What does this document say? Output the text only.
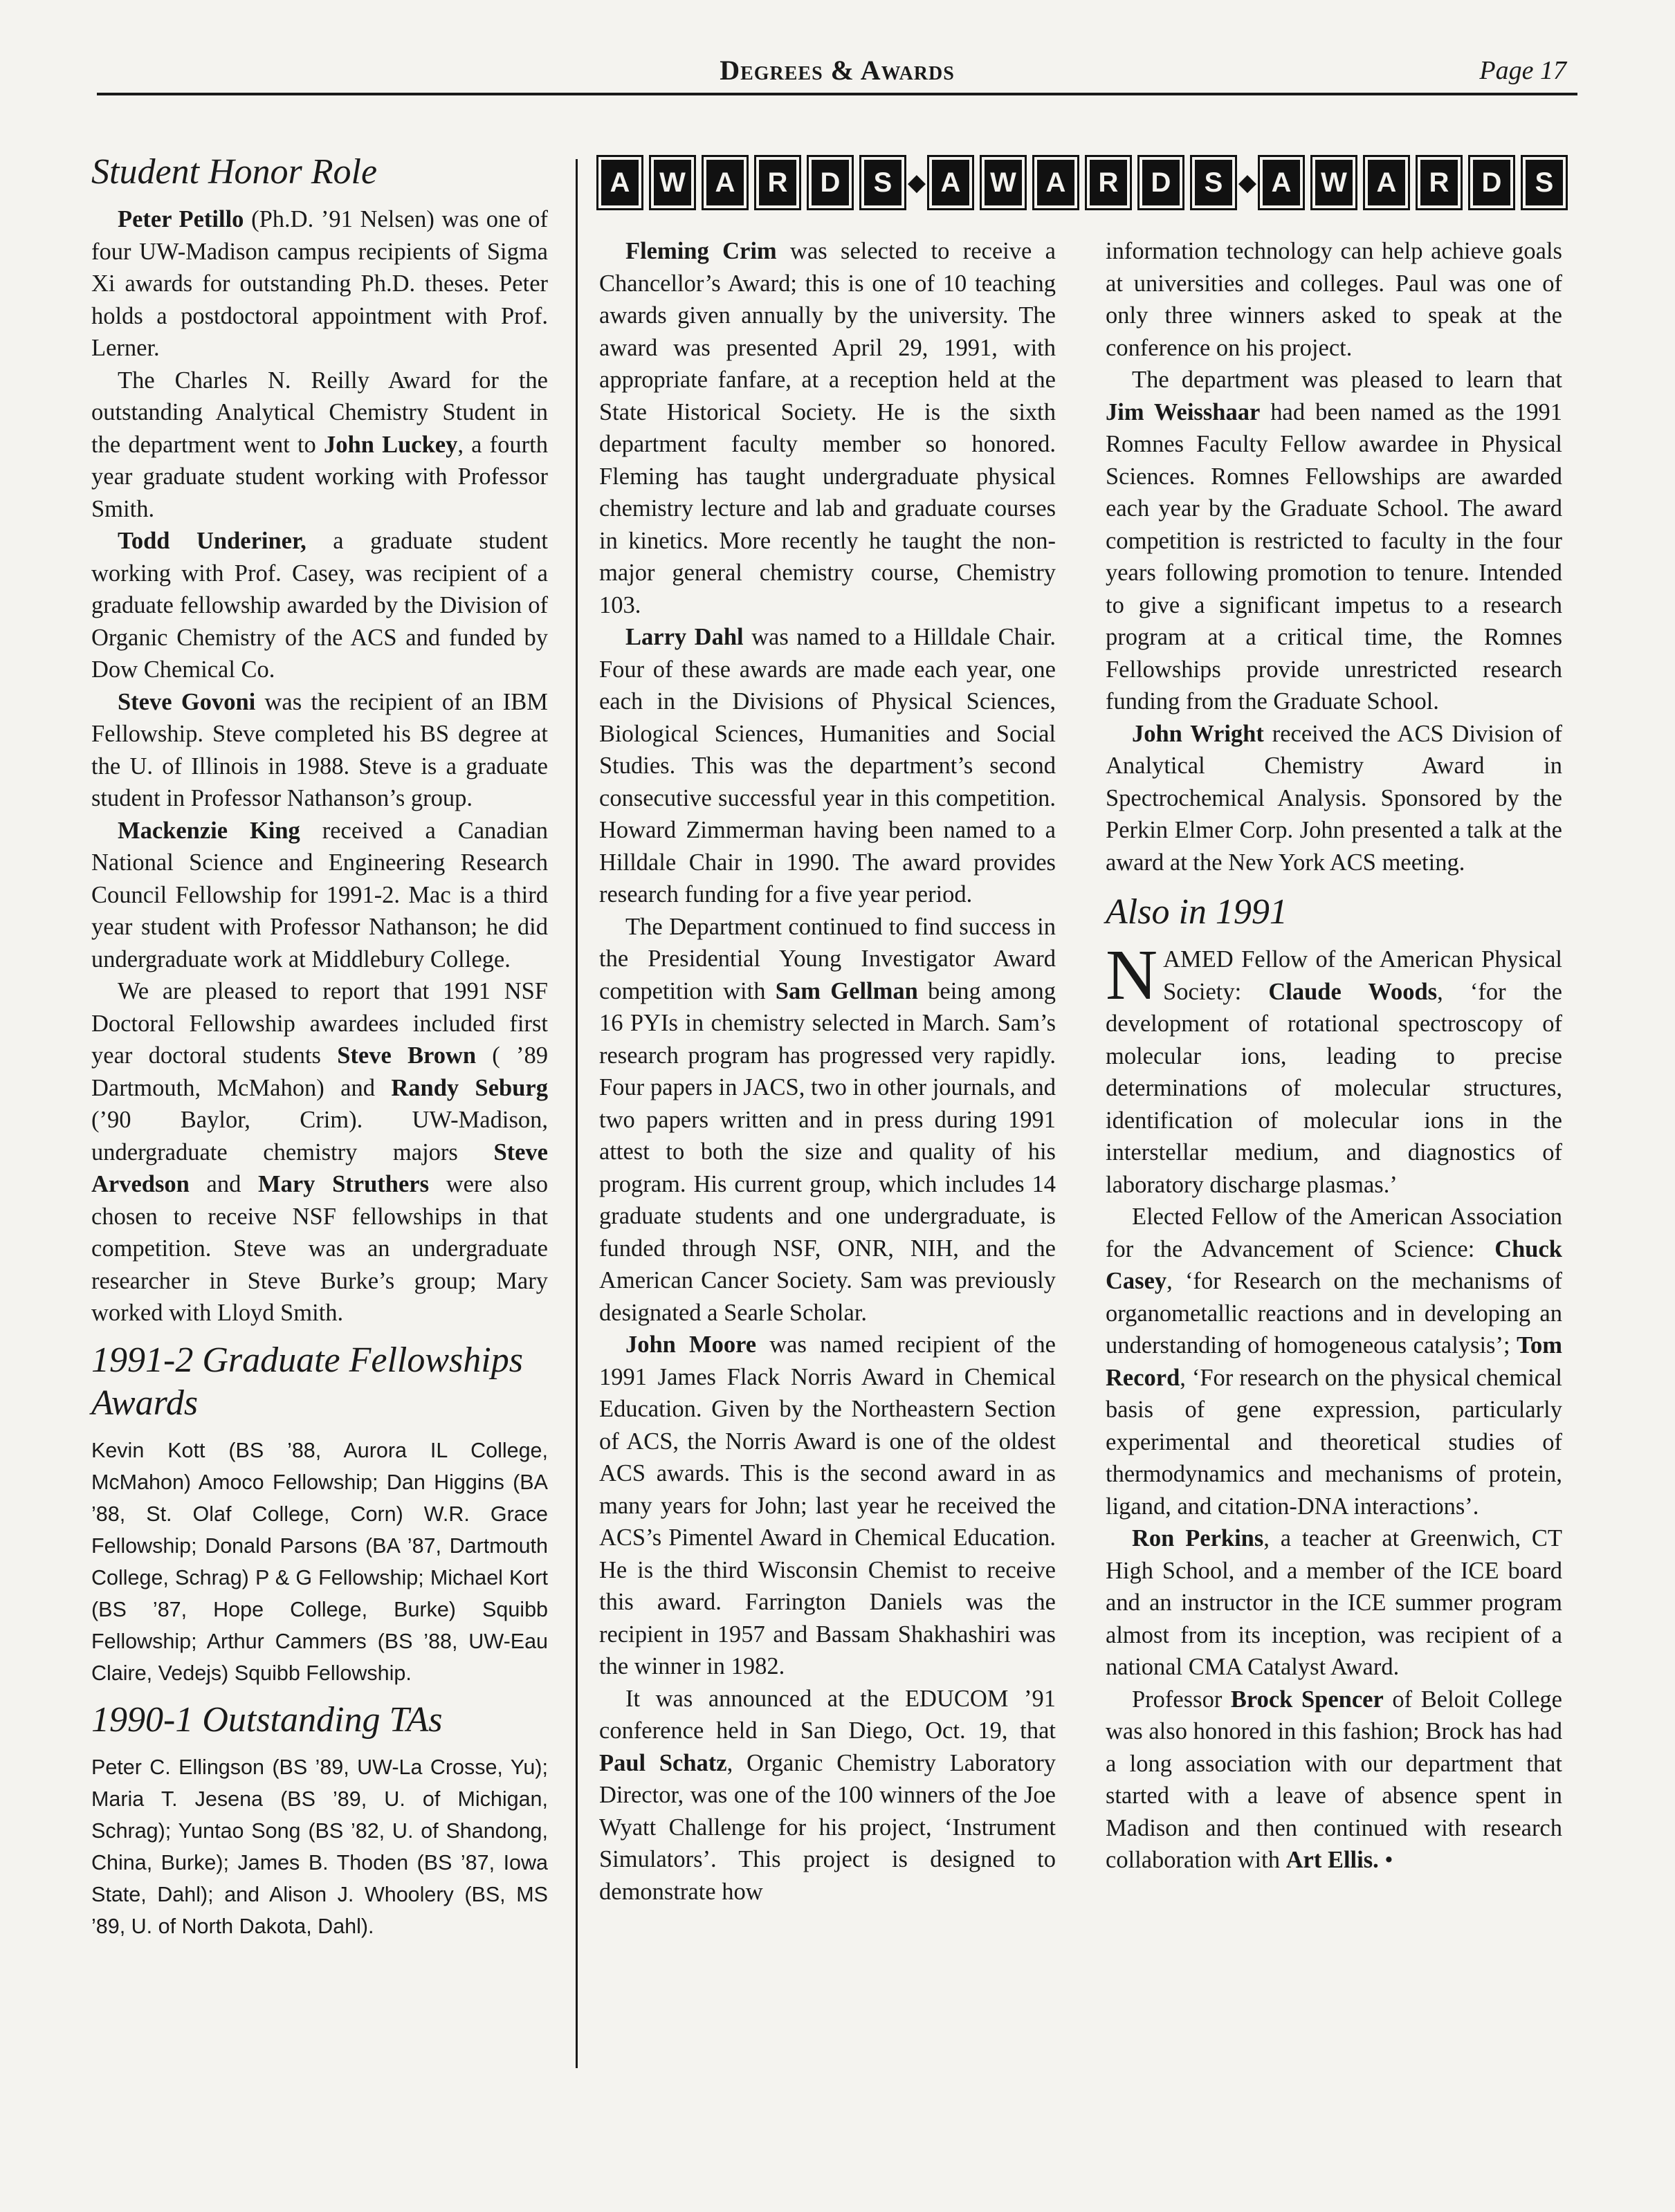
Degrees & Awards	Page 17
A	W	A	R	D	S ◆ A	W	A	R	D	S ◆ A	W	A	R	D	S
Student Honor Role

Peter Petillo (Ph.D. ’91 Nelsen) was one of four UW-Madison campus recipients of Sigma Xi awards for outstanding Ph.D. theses. Peter holds a postdoctoral appointment with Prof. Lerner.

The Charles N. Reilly Award for the outstanding Analytical Chemistry Student in the department went to John Luckey, a fourth year graduate student working with Professor Smith.

Todd Underiner, a graduate student working with Prof. Casey, was recipient of a graduate fellowship awarded by the Division of Organic Chemistry of the ACS and funded by Dow Chemical Co.

Steve Govoni was the recipient of an IBM Fellowship. Steve completed his BS degree at the U. of Illinois in 1988. Steve is a graduate student in Professor Nathanson’s group.

Mackenzie King received a Canadian National Science and Engineering Research Council Fellowship for 1991-2. Mac is a third year student with Professor Nathanson; he did undergraduate work at Middlebury College.

We are pleased to report that 1991 NSF Doctoral Fellowship awardees included first year doctoral students Steve Brown ( ’89 Dartmouth, McMahon) and Randy Seburg (’90 Baylor, Crim). UW-Madison, undergraduate chemistry majors Steve Arvedson and Mary Struthers were also chosen to receive NSF fellowships in that competition. Steve was an undergraduate researcher in Steve Burke’s group; Mary worked with Lloyd Smith.

1991-2 Graduate Fellowships Awards

Kevin Kott (BS ’88, Aurora IL College, McMahon) Amoco Fellowship; Dan Higgins (BA ’88, St. Olaf College, Corn) W.R. Grace Fellowship; Donald Parsons (BA ’87, Dartmouth College, Schrag) P & G Fellowship; Michael Kort (BS ’87, Hope College, Burke) Squibb Fellowship; Arthur Cammers (BS ’88, UW-Eau Claire, Vedejs) Squibb Fellowship.

1990-1 Outstanding TAs

Peter C. Ellingson (BS ’89, UW-La Crosse, Yu); Maria T. Jesena (BS ’89, U. of Michigan, Schrag); Yuntao Song (BS ’82, U. of Shandong, China, Burke); James B. Thoden (BS ’87, Iowa State, Dahl); and Alison J. Whoolery (BS, MS ’89, U. of North Dakota, Dahl).

Fleming Crim was selected to receive a Chancellor’s Award; this is one of 10 teaching awards given annually by the university. The award was presented April 29, 1991, with appropriate fanfare, at a reception held at the State Historical Society. He is the sixth department faculty member so honored. Fleming has taught undergraduate physical chemistry lecture and lab and graduate courses in kinetics. More recently he taught the non-major general chemistry course, Chemistry 103.

Larry Dahl was named to a Hilldale Chair. Four of these awards are made each year, one each in the Divisions of Physical Sciences, Biological Sciences, Humanities and Social Studies. This was the department’s second consecutive successful year in this competition. Howard Zimmerman having been named to a Hilldale Chair in 1990. The award provides research funding for a five year period.

The Department continued to find success in the Presidential Young Investigator Award competition with Sam Gellman being among 16 PYIs in chemistry selected in March. Sam’s research program has progressed very rapidly. Four papers in JACS, two in other journals, and two papers written and in press during 1991 attest to both the size and quality of his program. His current group, which includes 14 graduate students and one undergraduate, is funded through NSF, ONR, NIH, and the American Cancer Society. Sam was previously designated a Searle Scholar.

John Moore was named recipient of the 1991 James Flack Norris Award in Chemical Education. Given by the Northeastern Section of ACS, the Norris Award is one of the oldest ACS awards. This is the second award in as many years for John; last year he received the ACS’s Pimentel Award in Chemical Education. He is the third Wisconsin Chemist to receive this award. Farrington Daniels was the recipient in 1957 and Bassam Shakhashiri was the winner in 1982.

It was announced at the EDUCOM ’91 conference held in San Diego, Oct. 19, that Paul Schatz, Organic Chemistry Laboratory Director, was one of the 100 winners of the Joe Wyatt Challenge for his project, ‘Instrument Simulators’. This project is designed to demonstrate how

information technology can help achieve goals at universities and colleges. Paul was one of only three winners asked to speak at the conference on his project.

The department was pleased to learn that Jim Weisshaar had been named as the 1991 Romnes Faculty Fellow awardee in Physical Sciences. Romnes Fellowships are awarded each year by the Graduate School. The award competition is restricted to faculty in the four years following promotion to tenure. Intended to give a significant impetus to a research program at a critical time, the Romnes Fellowships provide unrestricted research funding from the Graduate School.

John Wright received the ACS Division of Analytical Chemistry Award in Spectrochemical Analysis. Sponsored by the Perkin Elmer Corp. John presented a talk at the award at the New York ACS meeting.

Also in 1991

NAMED Fellow of the American Physical Society: Claude Woods, ‘for the development of rotational spectroscopy of molecular ions, leading to precise determinations of molecular structures, identification of molecular ions in the interstellar medium, and diagnostics of laboratory discharge plasmas.’

Elected Fellow of the American Association for the Advancement of Science: Chuck Casey, ‘for Research on the mechanisms of organometallic reactions and in developing an understanding of homogeneous catalysis’; Tom Record, ‘For research on the physical chemical basis of gene expression, particularly experimental and theoretical studies of thermodynamics and mechanisms of protein, ligand, and citation-DNA interactions’.

Ron Perkins, a teacher at Greenwich, CT High School, and a member of the ICE board and an instructor in the ICE summer program almost from its inception, was recipient of a national CMA Catalyst Award.

Professor Brock Spencer of Beloit College was also honored in this fashion; Brock has had a long association with our department that started with a leave of absence spent in Madison and then continued with research collaboration with Art Ellis. •
